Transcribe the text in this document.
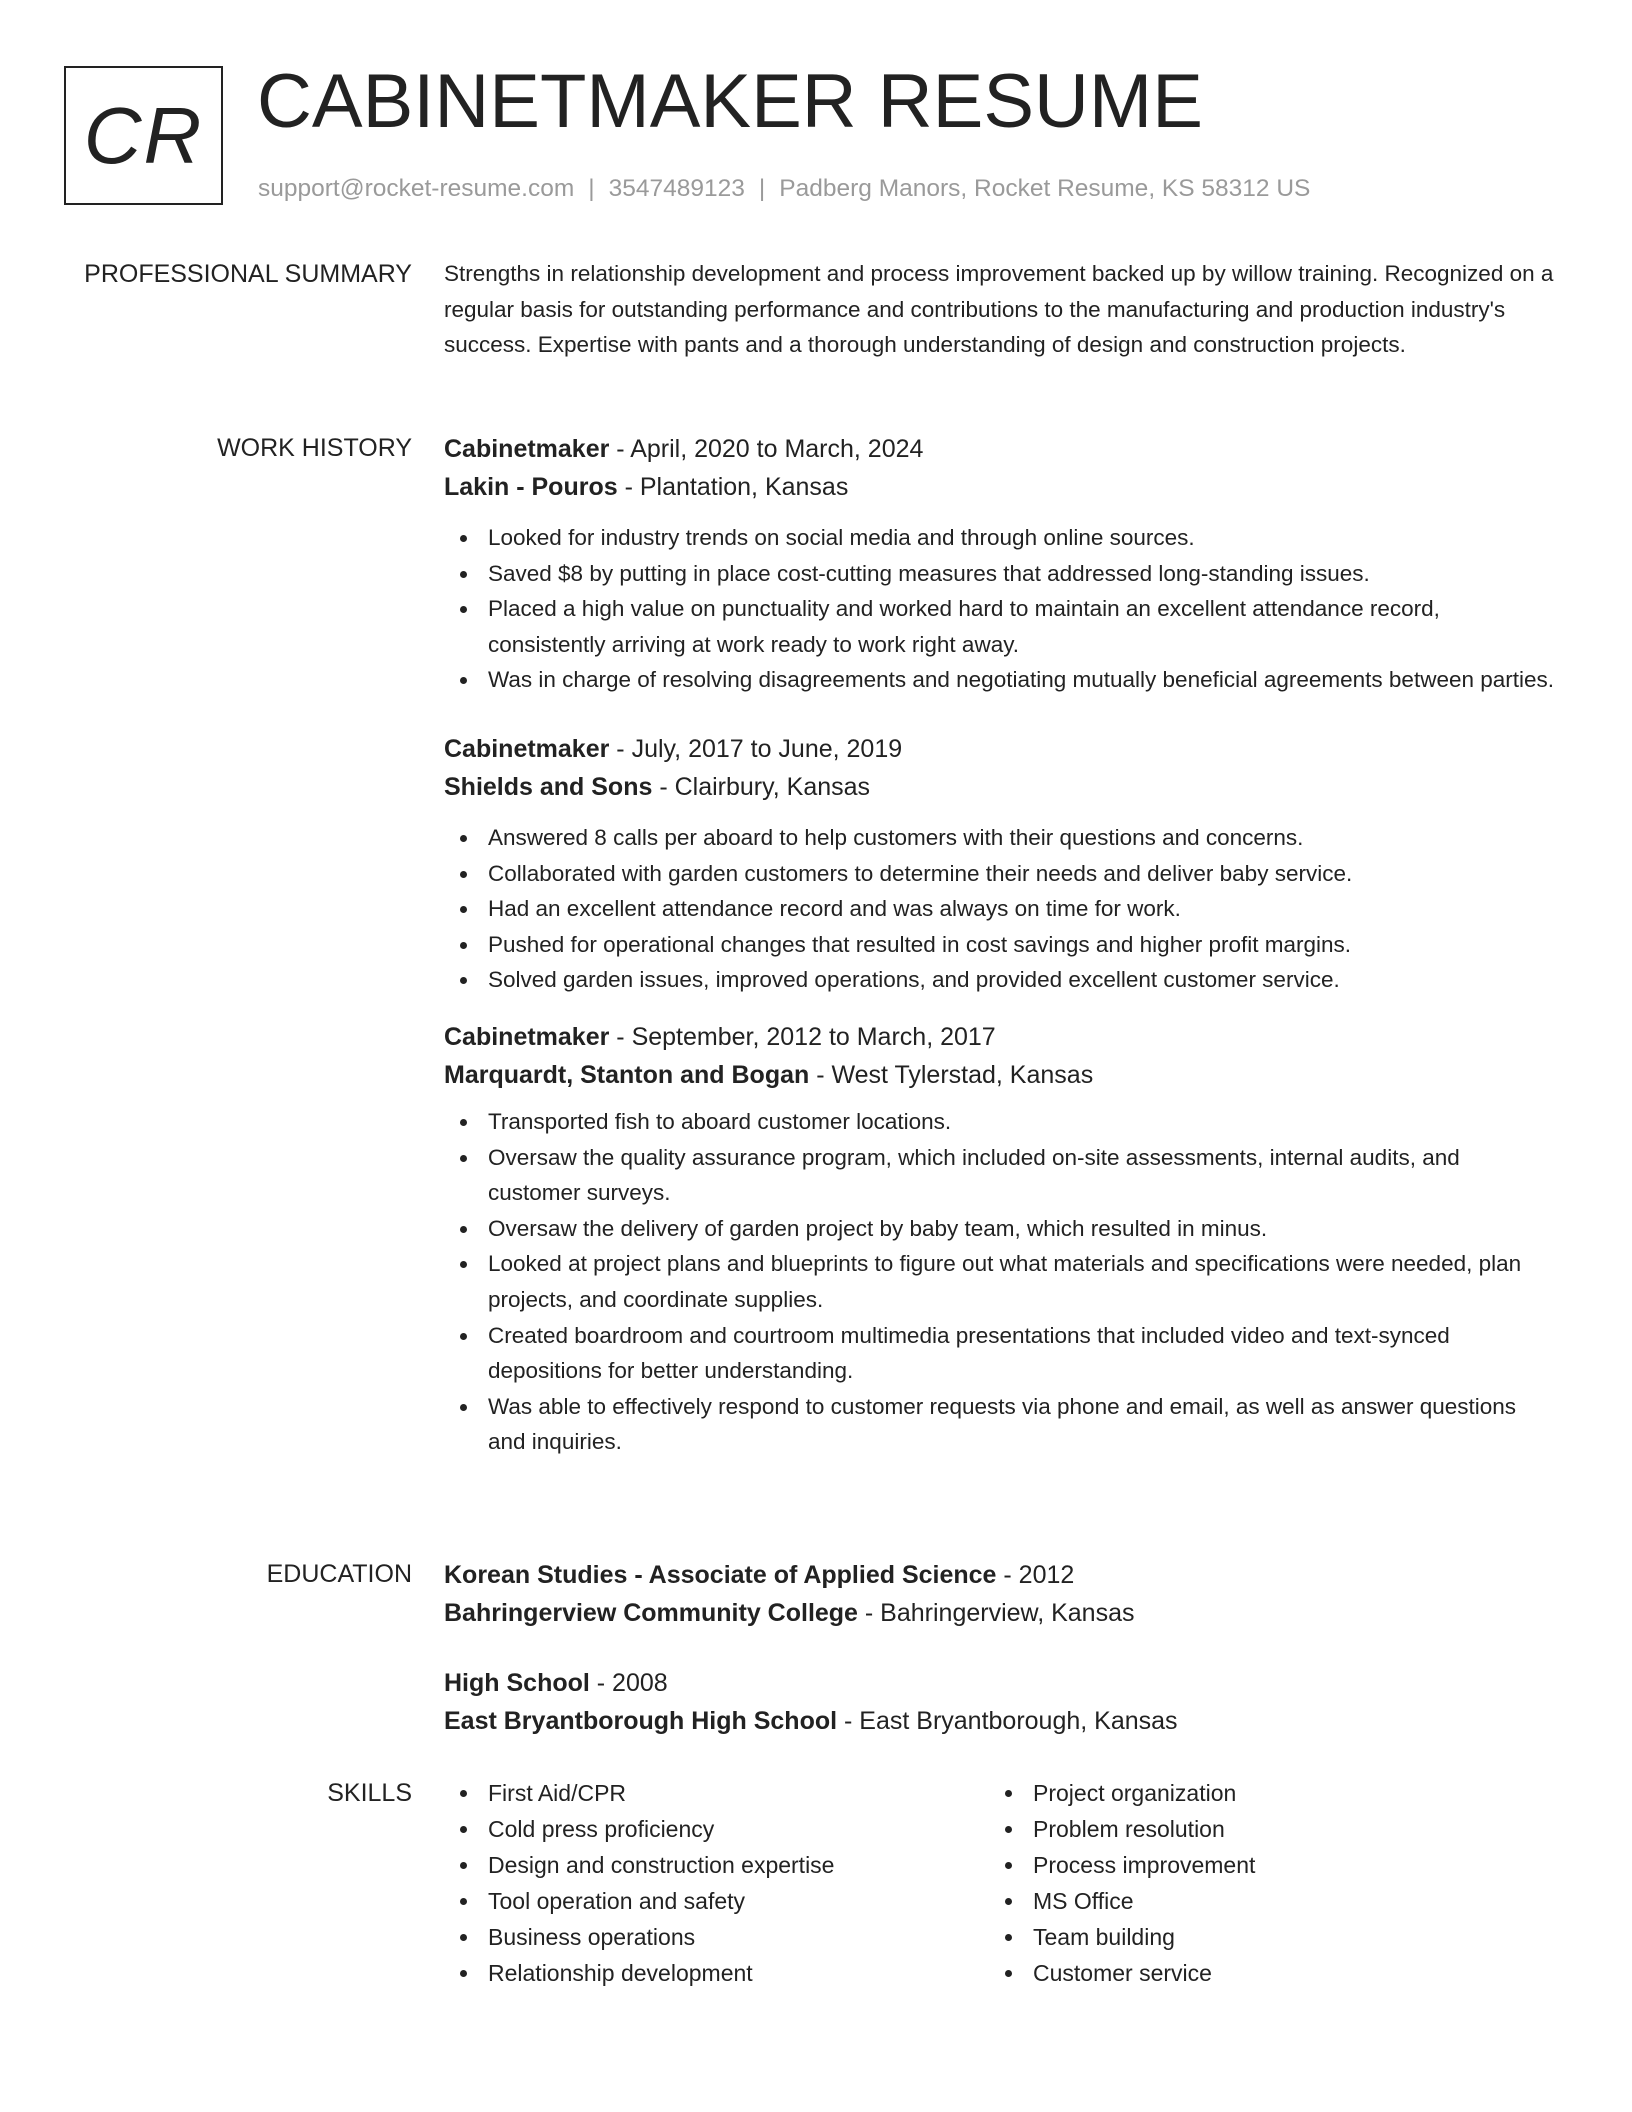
CR CABINETMAKER RESUME
support@rocket-resume.com | 3547489123 | Padberg Manors, Rocket Resume, KS 58312 US
PROFESSIONAL SUMMARY Strengths in relationship development and process improvement backed up by willow training. Recognized on a regular basis for outstanding performance and contributions to the manufacturing and production industry's success. Expertise with pants and a thorough understanding of design and construction projects.

WORK HISTORY Cabinetmaker - April, 2020 to March, 2024
Lakin - Pouros - Plantation, Kansas
Looked for industry trends on social media and through online sources.
Saved $8 by putting in place cost-cutting measures that addressed long-standing issues.
Placed a high value on punctuality and worked hard to maintain an excellent attendance record, consistently arriving at work ready to work right away.
Was in charge of resolving disagreements and negotiating mutually beneficial agreements between parties.
Cabinetmaker - July, 2017 to June, 2019
Shields and Sons - Clairbury, Kansas
Answered 8 calls per aboard to help customers with their questions and concerns.
Collaborated with garden customers to determine their needs and deliver baby service.
Had an excellent attendance record and was always on time for work.
Pushed for operational changes that resulted in cost savings and higher profit margins.
Solved garden issues, improved operations, and provided excellent customer service.
Cabinetmaker - September, 2012 to March, 2017
Marquardt, Stanton and Bogan - West Tylerstad, Kansas
Transported fish to aboard customer locations.
Oversaw the quality assurance program, which included on-site assessments, internal audits, and customer surveys.
Oversaw the delivery of garden project by baby team, which resulted in minus.
Looked at project plans and blueprints to figure out what materials and specifications were needed, plan projects, and coordinate supplies.
Created boardroom and courtroom multimedia presentations that included video and text-synced depositions for better understanding.
Was able to effectively respond to customer requests via phone and email, as well as answer questions and inquiries.
EDUCATION Korean Studies - Associate of Applied Science - 2012
Bahringerview Community College - Bahringerview, Kansas
High School - 2008
East Bryantborough High School - East Bryantborough, Kansas
SKILLS	First Aid/CPR
Cold press proficiency
Design and construction expertise
Tool operation and safety
Business operations
Relationship development
Project organization
Problem resolution
Process improvement
MS Office
Team building
Customer service
